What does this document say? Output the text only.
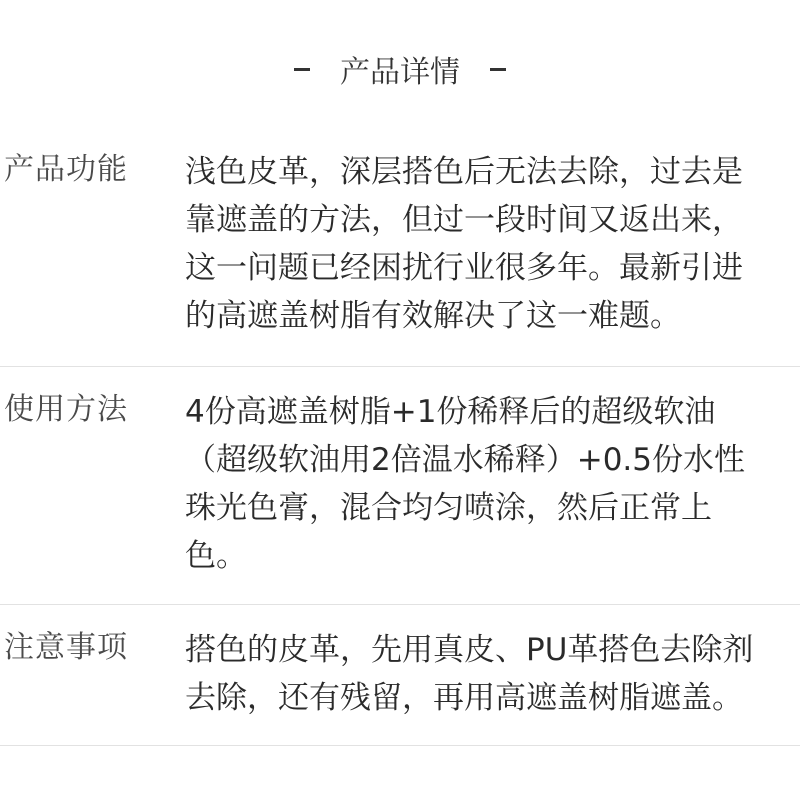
产品详情
产品功能 浅色皮革，深层搭色后无法去除，过去是
靠遮盖的方法，但过一段时间又返出来，
这一问题已经困扰行业很多年。最新引进
的高遮盖树脂有效解决了这一难题。
使用方法 4份高遮盖树脂+1份稀释后的超级软油
（超级软油用2倍温水稀释）+0.5份水性
珠光色膏，混合均匀喷涂，然后正常上
色。
注意事项 搭色的皮革，先用真皮、PU革搭色去除剂
去除，还有残留，再用高遮盖树脂遮盖。
